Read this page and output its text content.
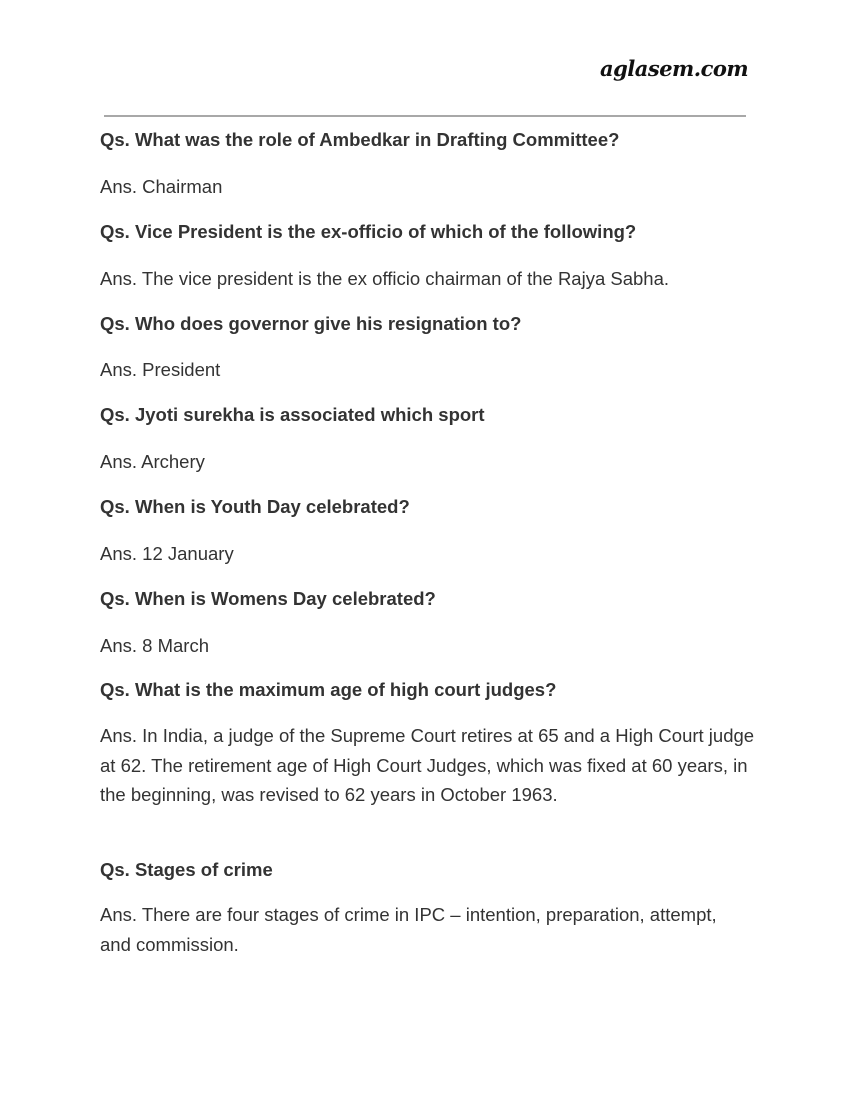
aglasem.com

Qs. What was the role of Ambedkar in Drafting Committee?

Ans. Chairman

Qs. Vice President is the ex-officio of which of the following?

Ans. The vice president is the ex officio chairman of the Rajya Sabha.

Qs. Who does governor give his resignation to?

Ans. President

Qs. Jyoti surekha is associated which sport

Ans. Archery

Qs. When is Youth Day celebrated?

Ans. 12 January

Qs. When is Womens Day celebrated?

Ans. 8 March

Qs. What is the maximum age of high court judges?

Ans. In India, a judge of the Supreme Court retires at 65 and a High Court judge at 62. The retirement age of High Court Judges, which was fixed at 60 years, in the beginning, was revised to 62 years in October 1963.

Qs. Stages of crime

Ans. There are four stages of crime in IPC – intention, preparation, attempt, and commission.
